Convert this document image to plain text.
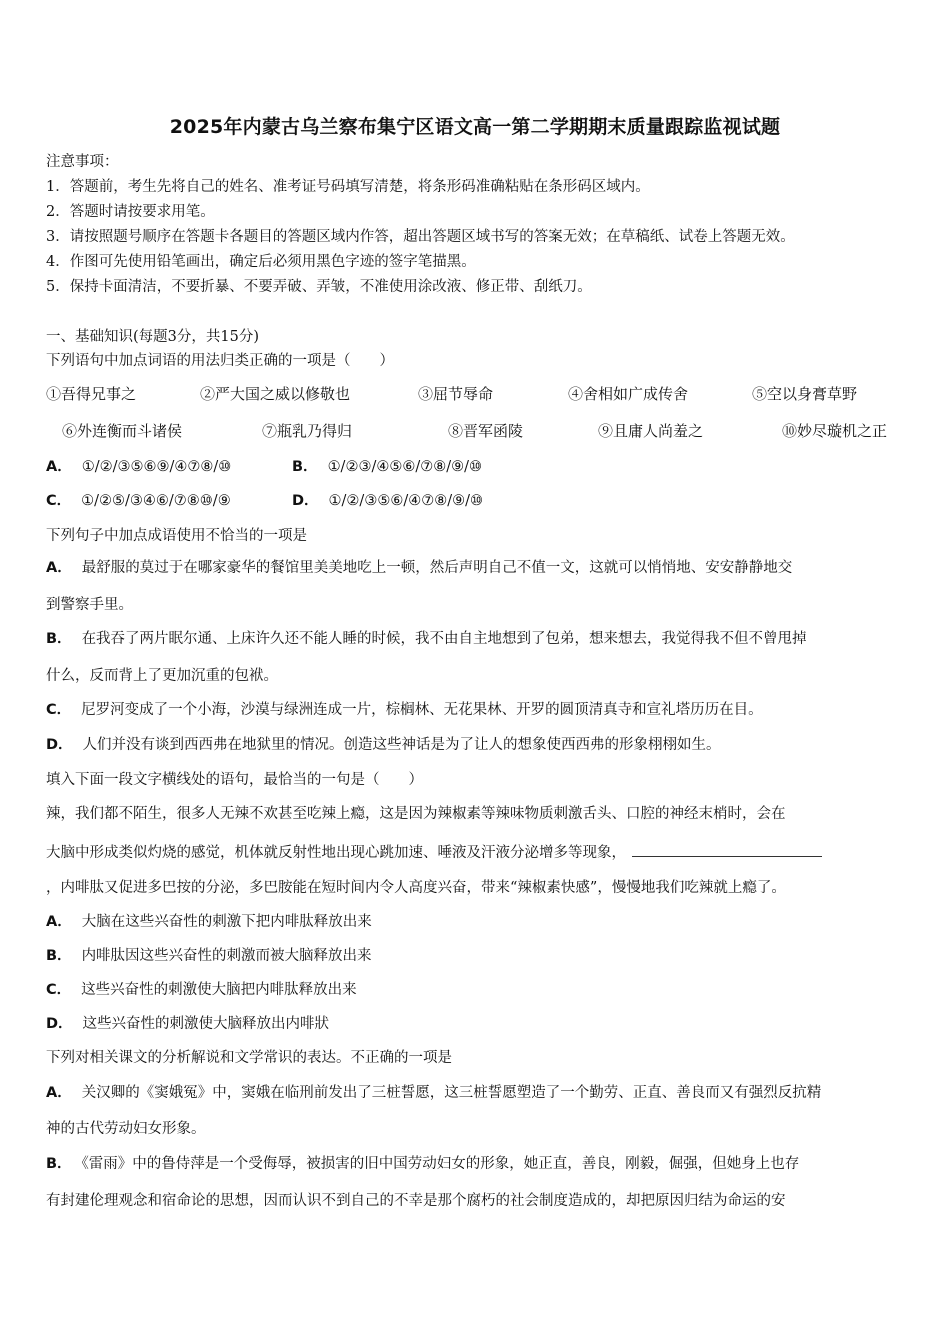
2025年内蒙古乌兰察布集宁区语文高一第二学期期末质量跟踪监视试题
注意事项：
1．答题前，考生先将自己的姓名、准考证号码填写清楚，将条形码准确粘贴在条形码区域内。
2．答题时请按要求用笔。
3．请按照题号顺序在答题卡各题目的答题区域内作答，超出答题区域书写的答案无效；在草稿纸、试卷上答题无效。
4．作图可先使用铅笔画出，确定后必须用黑色字迹的签字笔描黑。
5．保持卡面清洁，不要折暴、不要弄破、弄皱，不准使用涂改液、修正带、刮纸刀。
一、基础知识(每题3分，共15分)
下列语句中加点词语的用法归类正确的一项是（　　）
①吾得兄事之	②严大国之威以修敬也	③屈节辱命	④舍相如广成传舍	⑤空以身膏草野
⑥外连衡而斗诸侯	⑦瓶乳乃得归	⑧晋军函陵	⑨且庸人尚羞之	⑩妙尽璇机之正
A． ①/②/③⑤⑥⑨/④⑦⑧/⑩	B． ①/②③/④⑤⑥/⑦⑧/⑨/⑩
C． ①/②⑤/③④⑥/⑦⑧⑩/⑨	D． ①/②/③⑤⑥/④⑦⑧/⑨/⑩
下列句子中加点成语使用不恰当的一项是
A． 最舒服的莫过于在哪家豪华的餐馆里美美地吃上一顿，然后声明自己不值一文，这就可以悄悄地、安安静静地交
到警察手里。
B． 在我吞了两片眠尔通、上床许久还不能人睡的时候，我不由自主地想到了包弟，想来想去，我觉得我不但不曾甩掉
什么，反而背上了更加沉重的包袱。
C． 尼罗河变成了一个小海，沙漠与绿洲连成一片，棕榈林、无花果林、开罗的圆顶清真寺和宣礼塔历历在目。
D． 人们并没有谈到西西弗在地狱里的情况。创造这些神话是为了让人的想象使西西弗的形象栩栩如生。
填入下面一段文字横线处的语句，最恰当的一句是（　　）
辣，我们都不陌生，很多人无辣不欢甚至吃辣上瘾，这是因为辣椒素等辣味物质刺激舌头、口腔的神经末梢时，会在
大脑中形成类似灼烧的感觉，机体就反射性地出现心跳加速、唾液及汗液分泌增多等现象，
，内啡肽又促进多巴按的分泌，多巴胺能在短时间内令人高度兴奋，带来“辣椒素快感”，慢慢地我们吃辣就上瘾了。
A． 大脑在这些兴奋性的刺激下把内啡肽释放出来
B． 内啡肽因这些兴奋性的刺激而被大脑释放出来
C． 这些兴奋性的刺激使大脑把内啡肽释放出来
D． 这些兴奋性的刺激使大脑释放出内啡狀
下列对相关课文的分析解说和文学常识的表达。不正确的一项是
A． 关汉卿的《窦娥冤》中，窦娥在临刑前发出了三桩誓愿，这三桩誓愿塑造了一个勤劳、正直、善良而又有强烈反抗精
神的古代劳动妇女形象。
B． 《雷雨》中的鲁侍萍是一个受侮辱，被损害的旧中国劳动妇女的形象，她正直，善良，刚毅，倔强，但她身上也存
有封建伦理观念和宿命论的思想，因而认识不到自己的不幸是那个腐朽的社会制度造成的，却把原因归结为命运的安
